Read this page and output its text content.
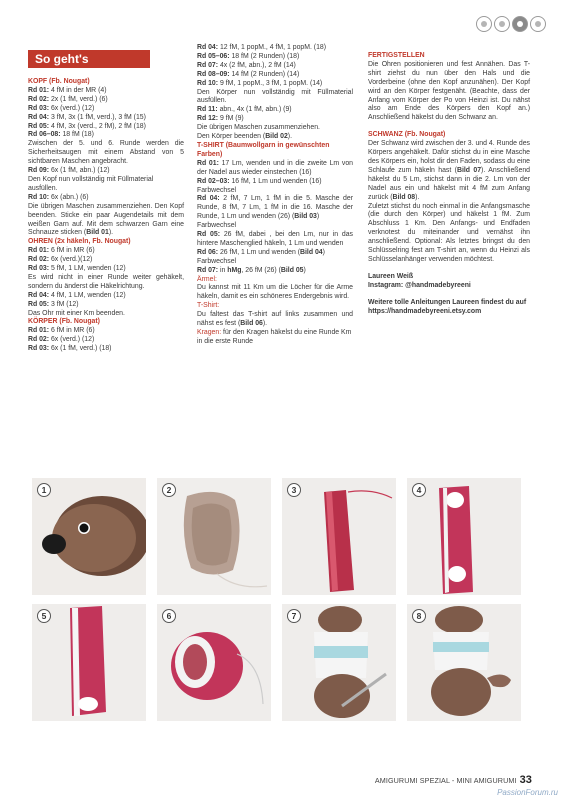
So geht's

KOPF (Fb. Nougat)

Rd 01: 4 fM in der MR (4)

Rd 02: 2x (1 fM, verd.) (6)

Rd 03: 6x (verd.) (12)

Rd 04: 3 fM, 3x (1 fM, verd.), 3 fM (15)

Rd 05: 4 fM, 3x (verd., 2 fM), 2 fM (18)

Rd 06–08: 18 fM (18)

Zwischen der 5. und 6. Runde werden die Sicherheitsaugen mit einem Abstand von 5 sichtbaren Maschen angebracht.

Rd 09: 6x (1 fM, abn.) (12)

Den Kopf nun vollständig mit Füllmaterial ausfüllen.

Rd 10: 6x (abn.) (6)

Die übrigen Maschen zusammenziehen. Den Kopf beenden. Sticke ein paar Augendetails mit dem weißen Garn auf. Mit dem schwarzen Garn eine Schnauze sticken (Bild 01).

OHREN (2x häkeln, Fb. Nougat)

Rd 01: 6 fM in MR (6)

Rd 02: 6x (verd.)(12)

Rd 03: 5 fM, 1 LM, wenden (12)

Es wird nicht in einer Runde weiter gehäkelt, sondern du änderst die Häkelrichtung.

Rd 04: 4 fM, 1 LM, wenden (12)

Rd 05: 3 fM (12)

Das Ohr mit einer Km beenden.

KÖRPER (Fb. Nougat)

Rd 01: 6 fM in MR (6)

Rd 02: 6x (verd.) (12)

Rd 03: 6x (1 fM, verd.) (18)

Rd 04: 12 fM, 1 popM., 4 fM, 1 popM. (18)

Rd 05–06: 18 fM (2 Runden) (18)

Rd 07: 4x (2 fM, abn.), 2 fM (14)

Rd 08–09: 14 fM (2 Runden) (14)

Rd 10: 9 fM, 1 popM., 3 fM, 1 popM. (14)

Den Körper nun vollständig mit Füllmaterial ausfüllen.

Rd 11: abn., 4x (1 fM, abn.) (9)

Rd 12: 9 fM (9)

Die übrigen Maschen zusammenziehen.

Den Körper beenden (Bild 02).

T-SHIRT (Baumwollgarn in gewünschten Farben)

Rd 01: 17 Lm, wenden und in die zweite Lm von der Nadel aus wieder einstechen (16)

Rd 02–03: 16 fM, 1 Lm und wenden (16)

Farbwechsel

Rd 04: 2 fM, 7 Lm, 1 fM in die 5. Masche der Runde, 8 fM, 7 Lm, 1 fM in die 16. Masche der Runde, 1 Lm und wenden (26) (Bild 03)

Farbwechsel

Rd 05: 26 fM, dabei , bei den Lm, nur in das hintere Maschenglied häkeln, 1 Lm und wenden

Rd 06: 26 fM, 1 Lm und wenden (Bild 04)

Farbwechsel

Rd 07: in hMg, 26 fM (26) (Bild 05)

Ärmel:

Du kannst mit 11 Km um die Löcher für die Arme häkeln, damit es ein schöneres Endergebnis wird.

T-Shirt:

Du faltest das T-shirt auf links zusammen und nähst es fest (Bild 06).

Kragen: für den Kragen häkelst du eine Runde Km in die erste Runde

FERTIGSTELLEN

Die Ohren positionieren und fest Annähen. Das T-shirt ziehst du nun über den Hals und die Vorderbeine (ohne den Kopf anzunähen). Der Kopf wird an den Körper festgenäht. (Beachte, dass der Anfang vom Körper der Po von Heinzi ist. Du nähst also am Ende des Körpers den Kopf an.) Anschließend häkelst du den Schwanz an.

SCHWANZ (Fb. Nougat)

Der Schwanz wird zwischen der 3. und 4. Runde des Körpers angehäkelt. Dafür stichst du in eine Masche des Körpers ein, holst dir den Faden, sodass du eine Schlaufe zum häkeln hast (Bild 07). Anschließend häkelst du 5 Lm, stichst dann in die 2. Lm von der Nadel aus ein und häkelst mit 4 fM zum Anfang zurück (Bild 08).

Zuletzt stichst du noch einmal in die Anfangsmasche (die durch den Körper) und häkelst 1 fM. Zum Abschluss 1 Km. Den Anfangs- und Endfaden verknotest du miteinander und vernähst ihn anschließend. Optional: Als letztes bringst du den Schlüsselring fest am T-shirt an, wenn du Heinzi als Schlüsselanhänger verwenden möchtest.

Laureen Weiß

Instagram: @handmadebyreeni

Weitere tolle Anleitungen Laureen findest du auf https://handmadebyreeni.etsy.com

1	2	3	4
5	6	7	8
AMIGURUMI SPEZIAL - MINI AMIGURUMI 33
PassionForum.ru
